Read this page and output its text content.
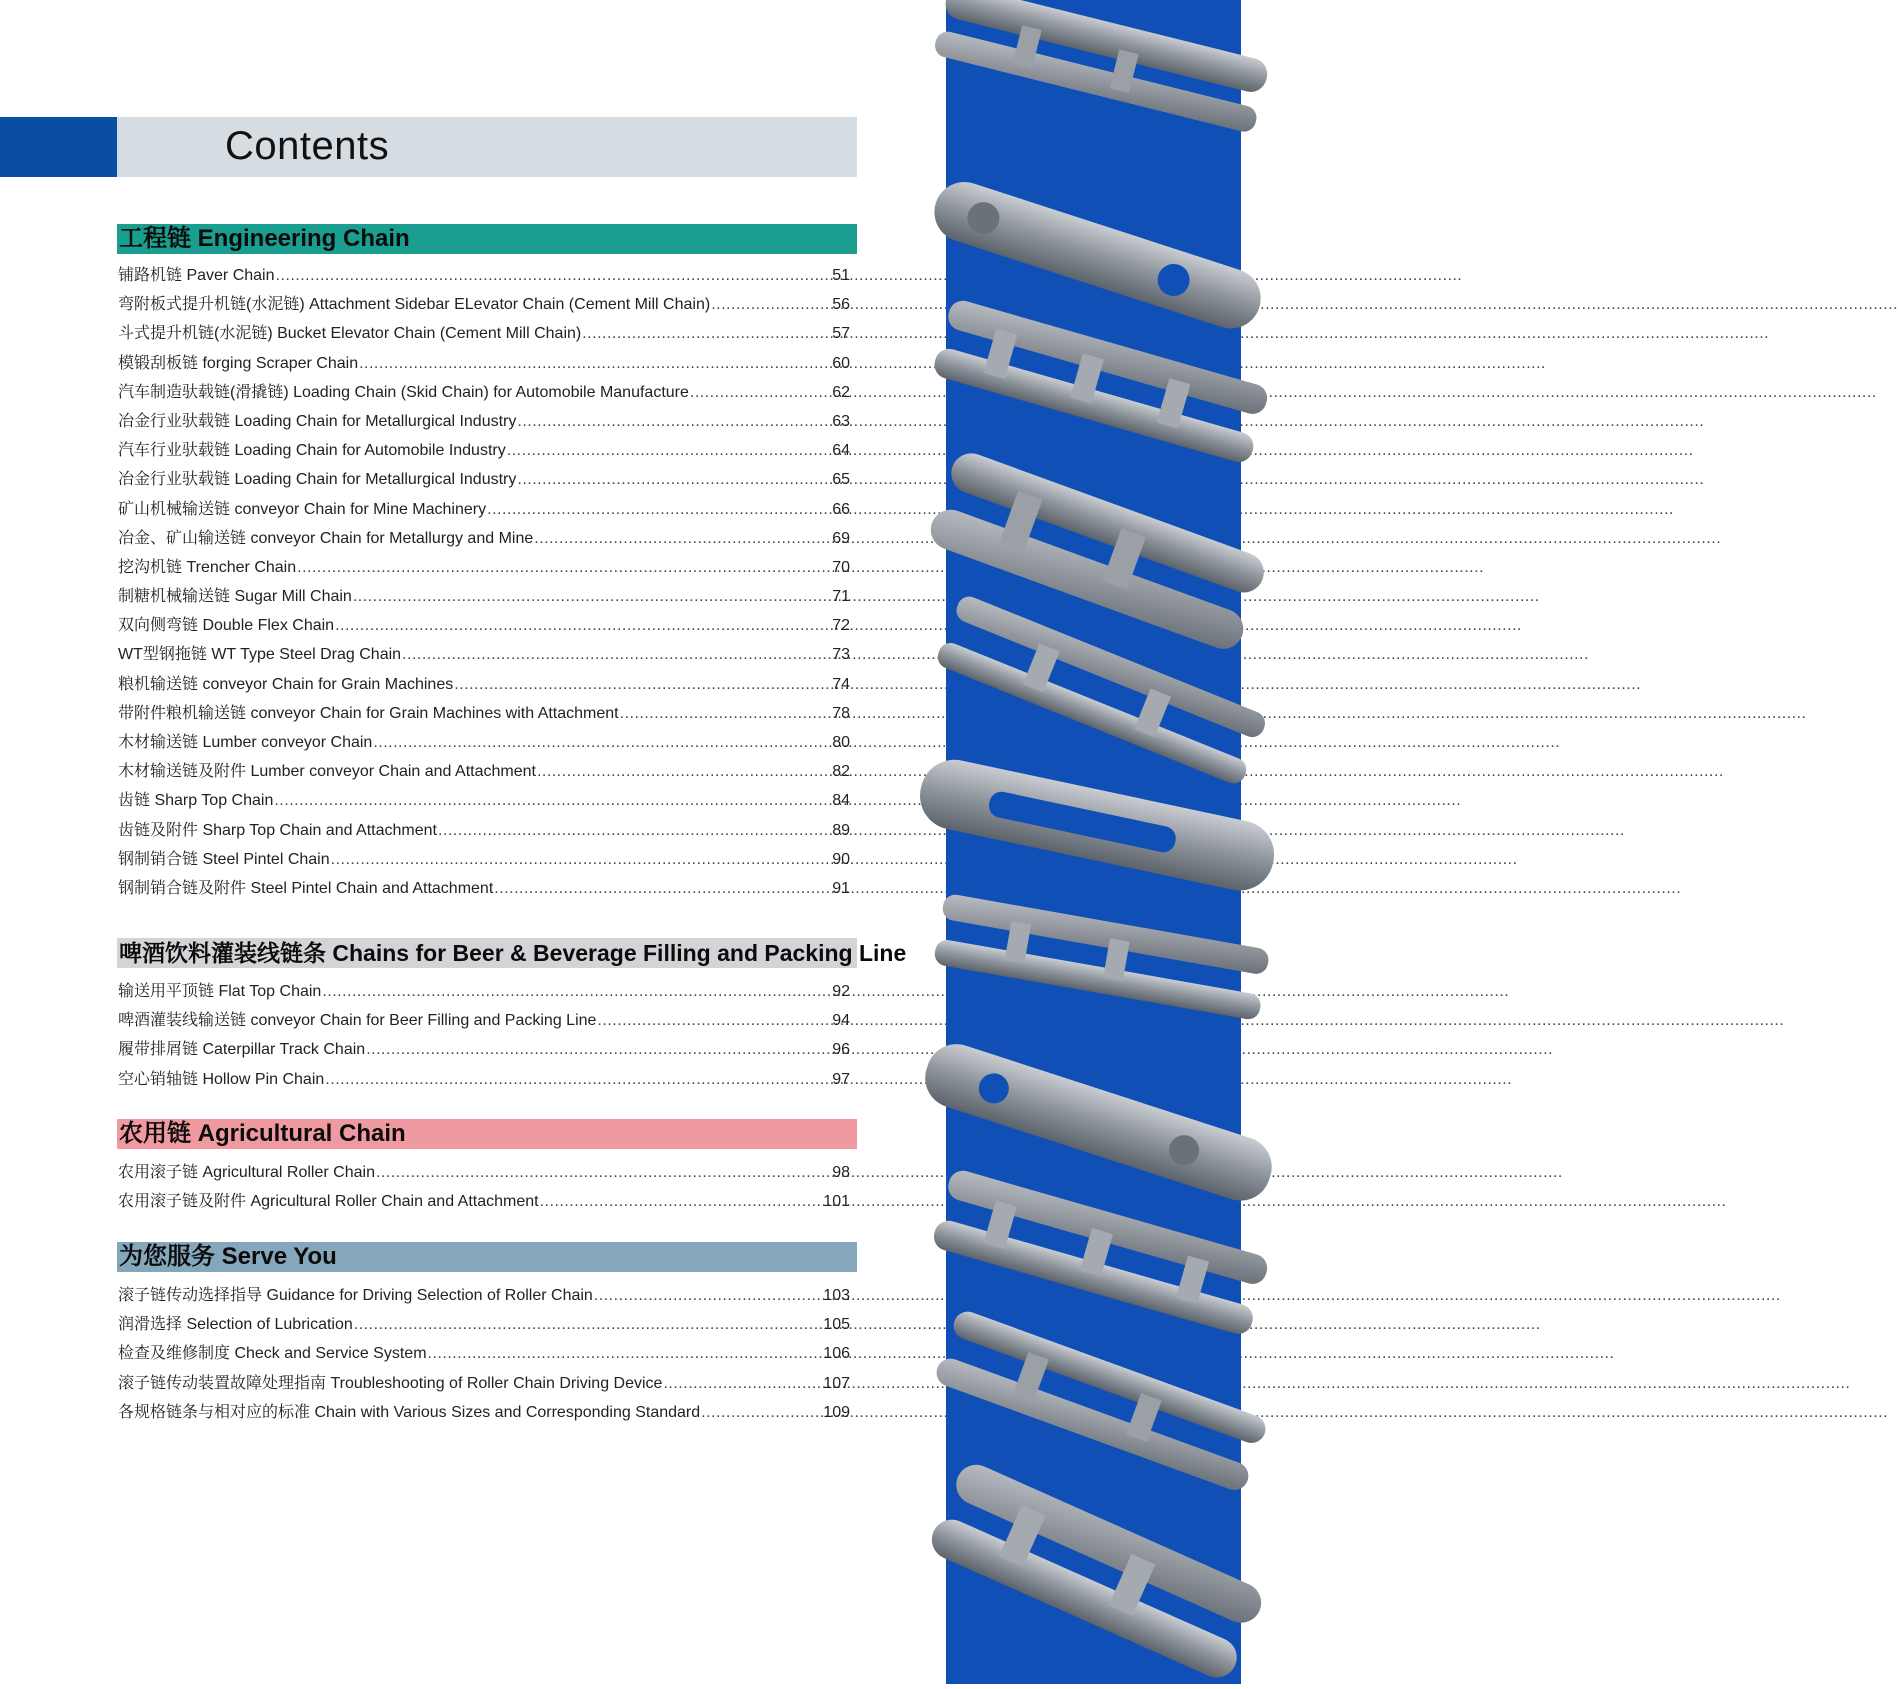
Contents
工程链 Engineering Chain
铺路机链 Paver Chain .....	51
弯附板式提升机链(水泥链) Attachment Sidebar ELevator Chain (Cement Mill Chain) .....	56
斗式提升机链(水泥链) Bucket Elevator Chain (Cement Mill Chain) .....	57
模锻刮板链 forging Scraper Chain .....	60
汽车制造驮载链(滑撬链) Loading Chain (Skid Chain) for Automobile Manufacture .....	62
冶金行业驮载链 Loading Chain for Metallurgical Industry .....	63
汽车行业驮载链 Loading Chain for Automobile Industry .....	64
冶金行业驮载链 Loading Chain for Metallurgical Industry .....	65
矿山机械输送链 conveyor Chain for Mine Machinery .....	66
冶金、矿山输送链 conveyor Chain for Metallurgy and Mine .....	69
挖沟机链 Trencher Chain .....	70
制糖机械输送链 Sugar Mill Chain .....	71
双向侧弯链 Double Flex Chain .....	72
WT型钢拖链 WT Type Steel Drag Chain .....	73
粮机输送链 conveyor Chain for Grain Machines .....	74
带附件粮机输送链 conveyor Chain for Grain Machines with Attachment .....	78
木材输送链 Lumber conveyor Chain .....	80
木材输送链及附件 Lumber conveyor Chain and Attachment .....	82
齿链 Sharp Top Chain .....	84
齿链及附件 Sharp Top Chain and Attachment .....	89
钢制销合链 Steel Pintel Chain .....	90
钢制销合链及附件 Steel Pintel Chain and Attachment .....	91
啤酒饮料灌装线链条 Chains for Beer & Beverage Filling and Packing Line
输送用平顶链 Flat Top Chain .....	92
啤酒灌装线输送链 conveyor Chain for Beer Filling and Packing Line .....	94
履带排屑链 Caterpillar Track Chain .....	96
空心销轴链 Hollow Pin Chain .....	97
农用链 Agricultural Chain
农用滚子链 Agricultural Roller Chain .....	98
农用滚子链及附件 Agricultural Roller Chain and Attachment .....	101
为您服务 Serve You
滚子链传动选择指导 Guidance for Driving Selection of Roller Chain .....	103
润滑选择 Selection of Lubrication .....	105
检查及维修制度 Check and Service System .....	106
滚子链传动装置故障处理指南 Troubleshooting of Roller Chain Driving Device .....	107
各规格链条与相对应的标准 Chain with Various Sizes and Corresponding Standard .....	109
